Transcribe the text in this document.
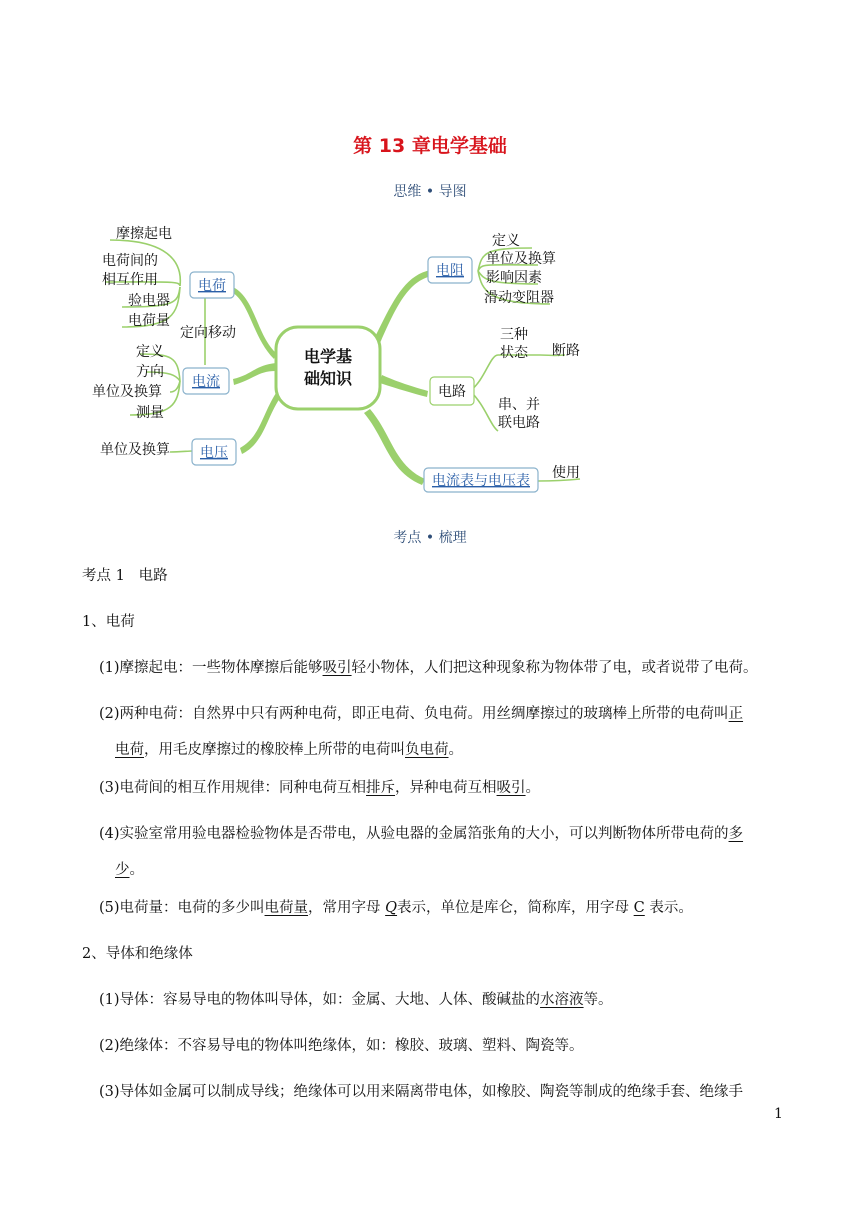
第 13 章电学基础
思维 • 导图
电学基
础知识
电荷
电流
电压
电阻
电路
电流表与电压表
摩擦起电
电荷间的
相互作用
验电器
电荷量
定向移动
定义
方向
单位及换算
测量
单位及换算
定义
单位及换算
影响因素
滑动变阻器
三种
状态 断路
串、并
联电路
使用
考点 • 梳理
考点 1 电路
1、电荷
(1)摩擦起电：一些物体摩擦后能够吸引轻小物体，人们把这种现象称为物体带了电，或者说带了电荷。
(2)两种电荷：自然界中只有两种电荷，即正电荷、负电荷。用丝绸摩擦过的玻璃棒上所带的电荷叫正
电荷，用毛皮摩擦过的橡胶棒上所带的电荷叫负电荷。
(3)电荷间的相互作用规律：同种电荷互相排斥，异种电荷互相吸引。
(4)实验室常用验电器检验物体是否带电，从验电器的金属箔张角的大小，可以判断物体所带电荷的多
少。
(5)电荷量：电荷的多少叫电荷量，常用字母 Q表示，单位是库仑，简称库，用字母 C 表示。
2、导体和绝缘体
(1)导体：容易导电的物体叫导体，如：金属、大地、人体、酸碱盐的水溶液等。
(2)绝缘体：不容易导电的物体叫绝缘体，如：橡胶、玻璃、塑料、陶瓷等。
(3)导体如金属可以制成导线；绝缘体可以用来隔离带电体，如橡胶、陶瓷等制成的绝缘手套、绝缘手
1
